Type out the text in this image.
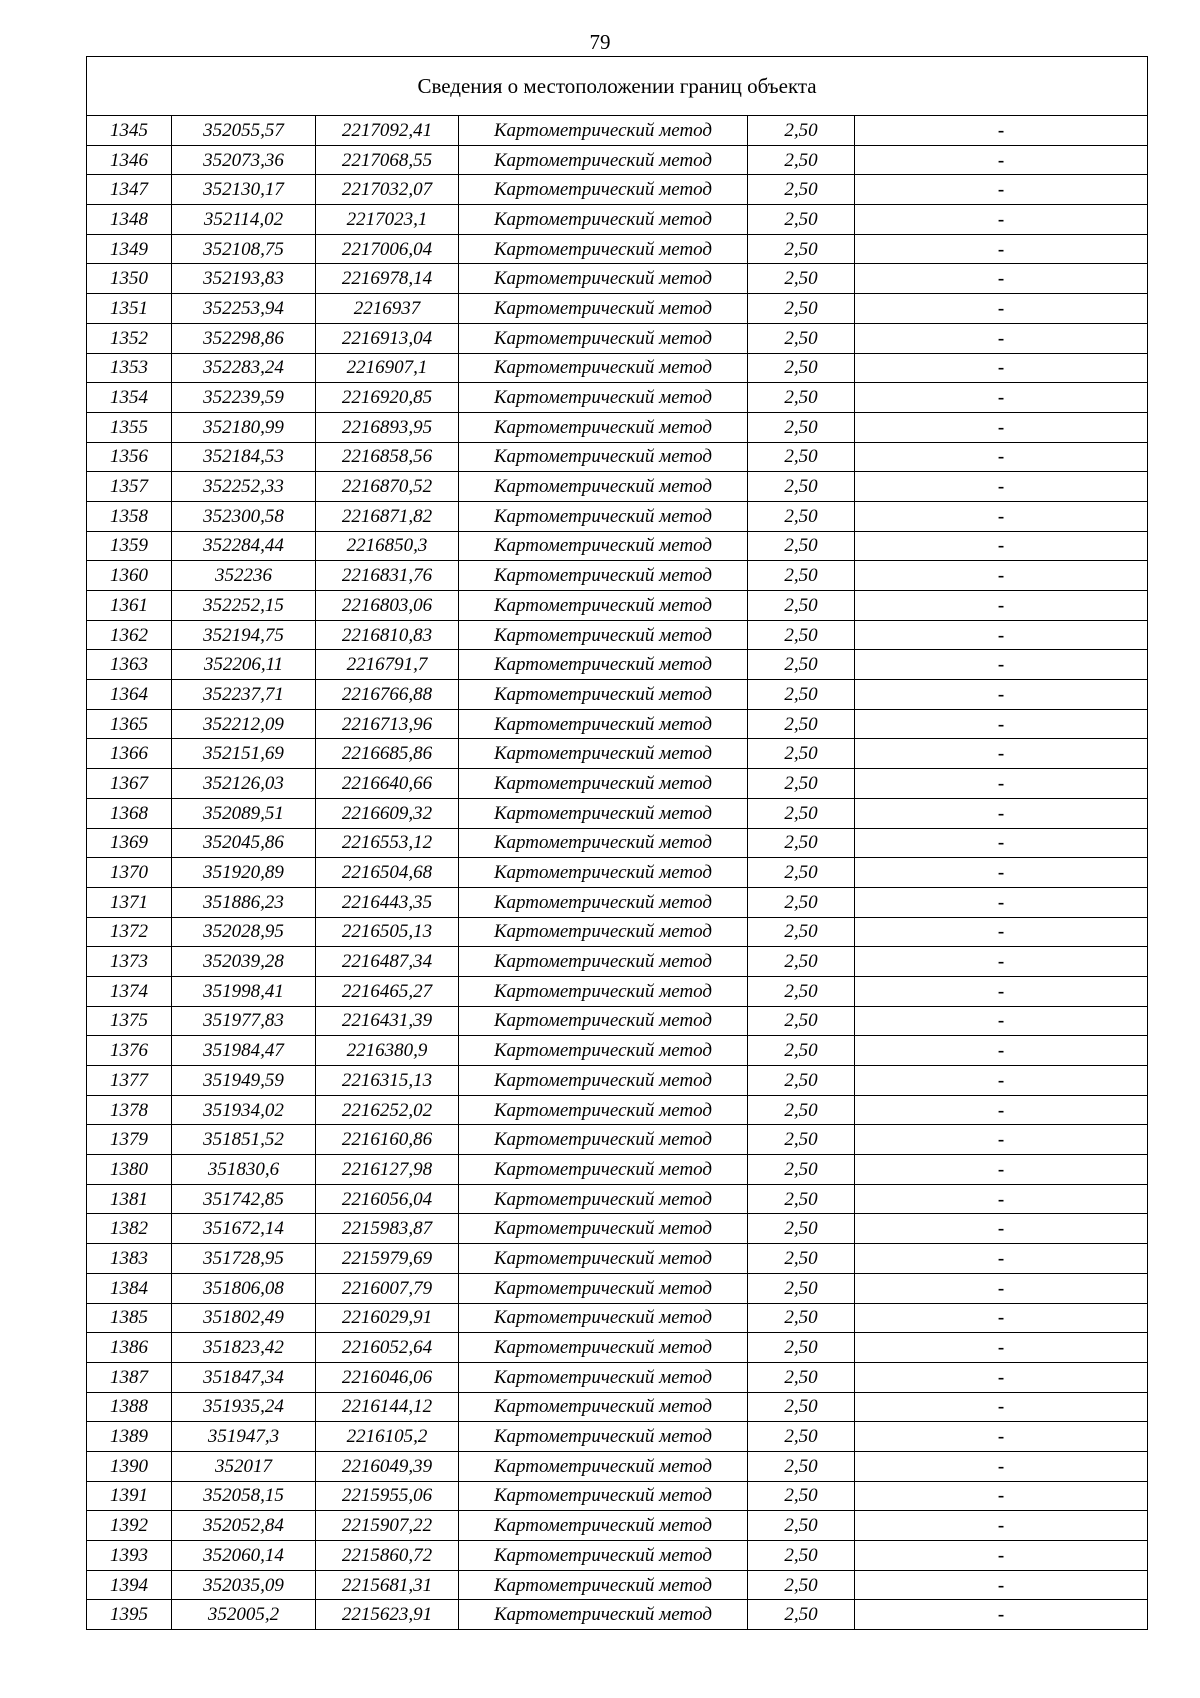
79
Сведения о местоположении границ объекта					
1345	352055,57	2217092,41	Картометрический метод	2,50	-
1346	352073,36	2217068,55	Картометрический метод	2,50	-
1347	352130,17	2217032,07	Картометрический метод	2,50	-
1348	352114,02	2217023,1	Картометрический метод	2,50	-
1349	352108,75	2217006,04	Картометрический метод	2,50	-
1350	352193,83	2216978,14	Картометрический метод	2,50	-
1351	352253,94	2216937	Картометрический метод	2,50	-
1352	352298,86	2216913,04	Картометрический метод	2,50	-
1353	352283,24	2216907,1	Картометрический метод	2,50	-
1354	352239,59	2216920,85	Картометрический метод	2,50	-
1355	352180,99	2216893,95	Картометрический метод	2,50	-
1356	352184,53	2216858,56	Картометрический метод	2,50	-
1357	352252,33	2216870,52	Картометрический метод	2,50	-
1358	352300,58	2216871,82	Картометрический метод	2,50	-
1359	352284,44	2216850,3	Картометрический метод	2,50	-
1360	352236	2216831,76	Картометрический метод	2,50	-
1361	352252,15	2216803,06	Картометрический метод	2,50	-
1362	352194,75	2216810,83	Картометрический метод	2,50	-
1363	352206,11	2216791,7	Картометрический метод	2,50	-
1364	352237,71	2216766,88	Картометрический метод	2,50	-
1365	352212,09	2216713,96	Картометрический метод	2,50	-
1366	352151,69	2216685,86	Картометрический метод	2,50	-
1367	352126,03	2216640,66	Картометрический метод	2,50	-
1368	352089,51	2216609,32	Картометрический метод	2,50	-
1369	352045,86	2216553,12	Картометрический метод	2,50	-
1370	351920,89	2216504,68	Картометрический метод	2,50	-
1371	351886,23	2216443,35	Картометрический метод	2,50	-
1372	352028,95	2216505,13	Картометрический метод	2,50	-
1373	352039,28	2216487,34	Картометрический метод	2,50	-
1374	351998,41	2216465,27	Картометрический метод	2,50	-
1375	351977,83	2216431,39	Картометрический метод	2,50	-
1376	351984,47	2216380,9	Картометрический метод	2,50	-
1377	351949,59	2216315,13	Картометрический метод	2,50	-
1378	351934,02	2216252,02	Картометрический метод	2,50	-
1379	351851,52	2216160,86	Картометрический метод	2,50	-
1380	351830,6	2216127,98	Картометрический метод	2,50	-
1381	351742,85	2216056,04	Картометрический метод	2,50	-
1382	351672,14	2215983,87	Картометрический метод	2,50	-
1383	351728,95	2215979,69	Картометрический метод	2,50	-
1384	351806,08	2216007,79	Картометрический метод	2,50	-
1385	351802,49	2216029,91	Картометрический метод	2,50	-
1386	351823,42	2216052,64	Картометрический метод	2,50	-
1387	351847,34	2216046,06	Картометрический метод	2,50	-
1388	351935,24	2216144,12	Картометрический метод	2,50	-
1389	351947,3	2216105,2	Картометрический метод	2,50	-
1390	352017	2216049,39	Картометрический метод	2,50	-
1391	352058,15	2215955,06	Картометрический метод	2,50	-
1392	352052,84	2215907,22	Картометрический метод	2,50	-
1393	352060,14	2215860,72	Картометрический метод	2,50	-
1394	352035,09	2215681,31	Картометрический метод	2,50	-
1395	352005,2	2215623,91	Картометрический метод	2,50	-
